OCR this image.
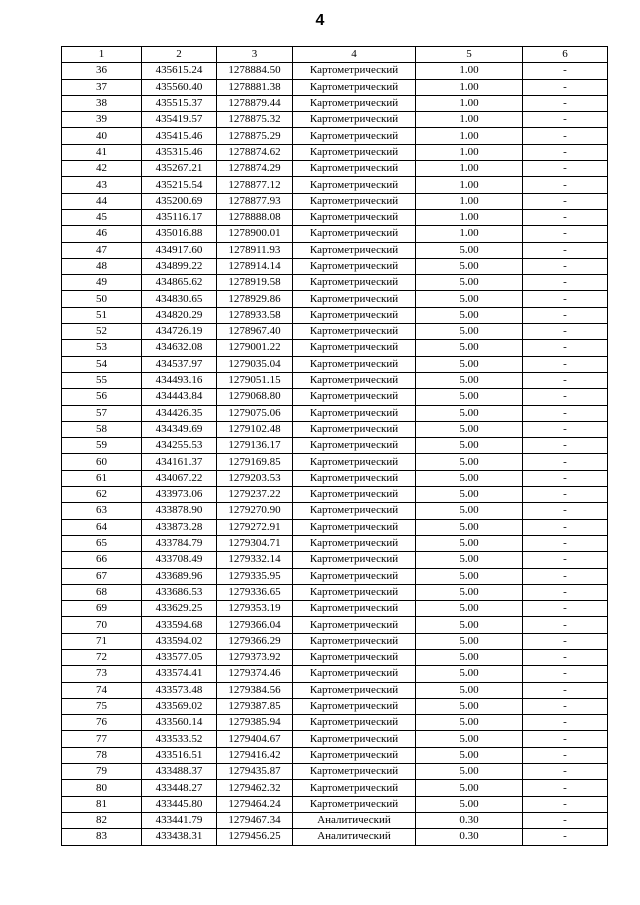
4
1	2	3	4	5	6
36	435615.24	1278884.50	Картометрический	1.00	-
37	435560.40	1278881.38	Картометрический	1.00	-
38	435515.37	1278879.44	Картометрический	1.00	-
39	435419.57	1278875.32	Картометрический	1.00	-
40	435415.46	1278875.29	Картометрический	1.00	-
41	435315.46	1278874.62	Картометрический	1.00	-
42	435267.21	1278874.29	Картометрический	1.00	-
43	435215.54	1278877.12	Картометрический	1.00	-
44	435200.69	1278877.93	Картометрический	1.00	-
45	435116.17	1278888.08	Картометрический	1.00	-
46	435016.88	1278900.01	Картометрический	1.00	-
47	434917.60	1278911.93	Картометрический	5.00	-
48	434899.22	1278914.14	Картометрический	5.00	-
49	434865.62	1278919.58	Картометрический	5.00	-
50	434830.65	1278929.86	Картометрический	5.00	-
51	434820.29	1278933.58	Картометрический	5.00	-
52	434726.19	1278967.40	Картометрический	5.00	-
53	434632.08	1279001.22	Картометрический	5.00	-
54	434537.97	1279035.04	Картометрический	5.00	-
55	434493.16	1279051.15	Картометрический	5.00	-
56	434443.84	1279068.80	Картометрический	5.00	-
57	434426.35	1279075.06	Картометрический	5.00	-
58	434349.69	1279102.48	Картометрический	5.00	-
59	434255.53	1279136.17	Картометрический	5.00	-
60	434161.37	1279169.85	Картометрический	5.00	-
61	434067.22	1279203.53	Картометрический	5.00	-
62	433973.06	1279237.22	Картометрический	5.00	-
63	433878.90	1279270.90	Картометрический	5.00	-
64	433873.28	1279272.91	Картометрический	5.00	-
65	433784.79	1279304.71	Картометрический	5.00	-
66	433708.49	1279332.14	Картометрический	5.00	-
67	433689.96	1279335.95	Картометрический	5.00	-
68	433686.53	1279336.65	Картометрический	5.00	-
69	433629.25	1279353.19	Картометрический	5.00	-
70	433594.68	1279366.04	Картометрический	5.00	-
71	433594.02	1279366.29	Картометрический	5.00	-
72	433577.05	1279373.92	Картометрический	5.00	-
73	433574.41	1279374.46	Картометрический	5.00	-
74	433573.48	1279384.56	Картометрический	5.00	-
75	433569.02	1279387.85	Картометрический	5.00	-
76	433560.14	1279385.94	Картометрический	5.00	-
77	433533.52	1279404.67	Картометрический	5.00	-
78	433516.51	1279416.42	Картометрический	5.00	-
79	433488.37	1279435.87	Картометрический	5.00	-
80	433448.27	1279462.32	Картометрический	5.00	-
81	433445.80	1279464.24	Картометрический	5.00	-
82	433441.79	1279467.34	Аналитический	0.30	-
83	433438.31	1279456.25	Аналитический	0.30	-
